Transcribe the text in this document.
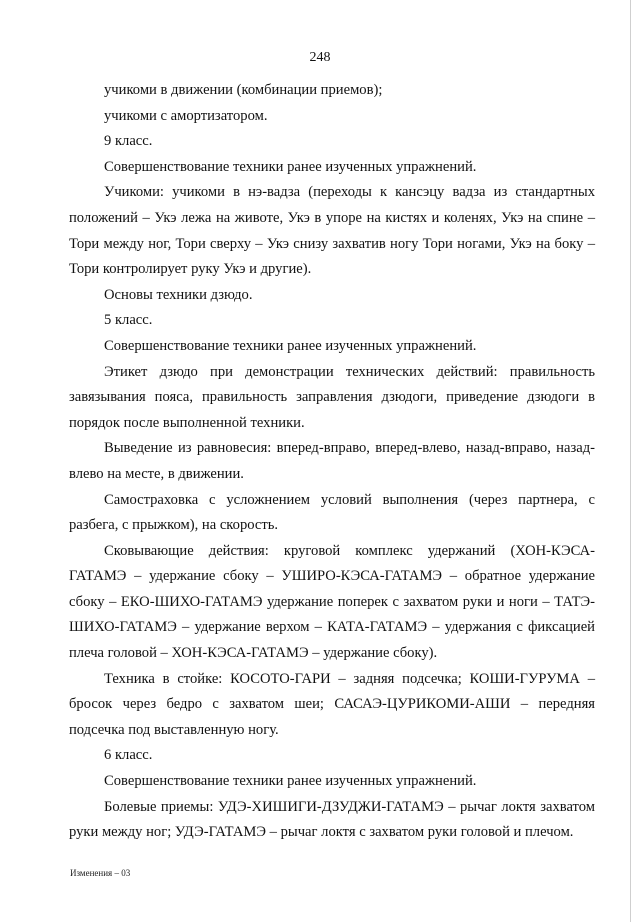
248

учикоми в движении (комбинации приемов);

учикоми с амортизатором.

9 класс.

Совершенствование техники ранее изученных упражнений.

Учикоми: учикоми в нэ-вадза (переходы к кансэцу вадза из стандартных положений – Укэ лежа на животе, Укэ в упоре на кистях и коленях, Укэ на спине – Тори между ног, Тори сверху – Укэ снизу захватив ногу Тори ногами, Укэ на боку – Тори контролирует руку Укэ и другие).

Основы техники дзюдо.

5 класс.

Совершенствование техники ранее изученных упражнений.

Этикет дзюдо при демонстрации технических действий: правильность завязывания пояса, правильность заправления дзюдоги, приведение дзюдоги в порядок после выполненной техники.

Выведение из равновесия: вперед-вправо, вперед-влево, назад-вправо, назад-влево на месте, в движении.

Самостраховка с усложнением условий выполнения (через партнера, с разбега, с прыжком), на скорость.

Сковывающие действия: круговой комплекс удержаний (ХОН-КЭСА-ГАТАМЭ – удержание сбоку – УШИРО-КЭСА-ГАТАМЭ – обратное удержание сбоку – ЕКО-ШИХО-ГАТАМЭ удержание поперек с захватом руки и ноги – ТАТЭ-ШИХО-ГАТАМЭ – удержание верхом – КАТА-ГАТАМЭ – удержания с фиксацией плеча головой – ХОН-КЭСА-ГАТАМЭ – удержание сбоку).

Техника в стойке: КОСОТО-ГАРИ – задняя подсечка; КОШИ-ГУРУМА – бросок через бедро с захватом шеи; САСАЭ-ЦУРИКОМИ-АШИ – передняя подсечка под выставленную ногу.

6 класс.

Совершенствование техники ранее изученных упражнений.

Болевые приемы: УДЭ-ХИШИГИ-ДЗУДЖИ-ГАТАМЭ – рычаг локтя захватом руки между ног; УДЭ-ГАТАМЭ – рычаг локтя с захватом руки головой и плечом.

Изменения – 03
